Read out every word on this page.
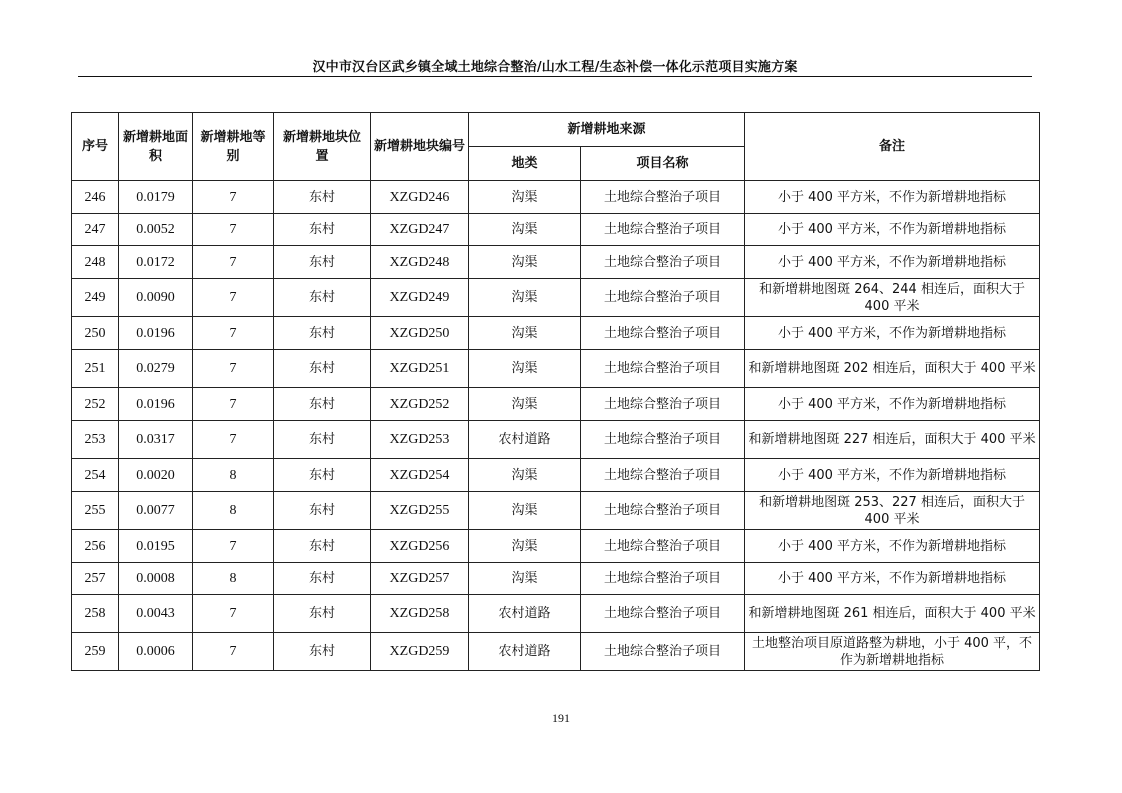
汉中市汉台区武乡镇全域土地综合整治/山水工程/生态补偿一体化示范项目实施方案
序号	新增耕地面积	新增耕地等别	新增耕地块位置	新增耕地块编号	新增耕地来源		备注
					地类	项目名称	
246	0.0179	7	东村	XZGD246	沟渠	土地综合整治子项目	小于 400 平方米，不作为新增耕地指标
247	0.0052	7	东村	XZGD247	沟渠	土地综合整治子项目	小于 400 平方米，不作为新增耕地指标
248	0.0172	7	东村	XZGD248	沟渠	土地综合整治子项目	小于 400 平方米，不作为新增耕地指标
249	0.0090	7	东村	XZGD249	沟渠	土地综合整治子项目	和新增耕地图斑 264、244 相连后，面积大于 400 平米
250	0.0196	7	东村	XZGD250	沟渠	土地综合整治子项目	小于 400 平方米，不作为新增耕地指标
251	0.0279	7	东村	XZGD251	沟渠	土地综合整治子项目	和新增耕地图斑 202 相连后，面积大于 400 平米
252	0.0196	7	东村	XZGD252	沟渠	土地综合整治子项目	小于 400 平方米，不作为新增耕地指标
253	0.0317	7	东村	XZGD253	农村道路	土地综合整治子项目	和新增耕地图斑 227 相连后，面积大于 400 平米
254	0.0020	8	东村	XZGD254	沟渠	土地综合整治子项目	小于 400 平方米，不作为新增耕地指标
255	0.0077	8	东村	XZGD255	沟渠	土地综合整治子项目	和新增耕地图斑 253、227 相连后，面积大于 400 平米
256	0.0195	7	东村	XZGD256	沟渠	土地综合整治子项目	小于 400 平方米，不作为新增耕地指标
257	0.0008	8	东村	XZGD257	沟渠	土地综合整治子项目	小于 400 平方米，不作为新增耕地指标
258	0.0043	7	东村	XZGD258	农村道路	土地综合整治子项目	和新增耕地图斑 261 相连后，面积大于 400 平米
259	0.0006	7	东村	XZGD259	农村道路	土地综合整治子项目	土地整治项目原道路整为耕地，小于 400 平，不作为新增耕地指标
191
